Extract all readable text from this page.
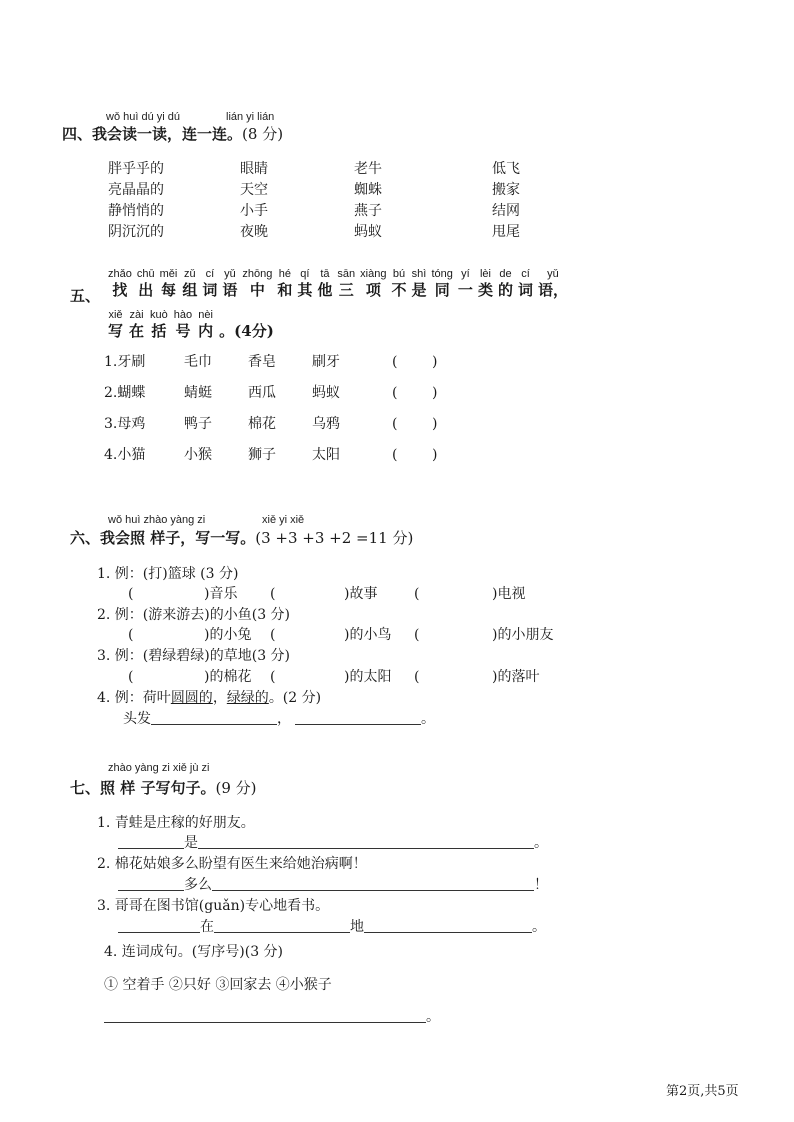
wǒ huì dú yi dú	lián yi lián
四、我会读一读，连一连。(8 分)
胖乎乎的	眼睛	老牛	低飞
亮晶晶的	天空	蜘蛛	搬家
静悄悄的	小手	燕子	结网
阴沉沉的	夜晚	蚂蚁	甩尾
五、
zhǎo
找
chū
出
měi
每
zǔ
组
cí
词
yǔ
语
zhōng
中
hé
和
qí
其
tā
他
sān
三
xiàng
项
bú
不
shì
是
tóng
同
yí
一
lèi
类
de
的
cí
词
yǔ
语，
xiě
写
zài
在
kuò
括
hào
号
nèi
内 。(4分)
1.牙刷	毛巾	香皂	刷牙	( )
2.蝴蝶	蜻蜓	西瓜	蚂蚁	( )
3.母鸡	鸭子	棉花	乌鸦	( )
4.小猫	小猴	狮子	太阳	( )
wǒ huì zhào yàng zi	xiě yi xiě
六、我会照 样子，写一写。(3 +3 +3 +2 =11 分)
1. 例：(打)篮球 (3 分)
(	)音乐 (	)故事	(	)电视
2. 例：(游来游去)的小鱼(3 分)
(	)的小兔 (	)的小鸟 (	)的小朋友
3. 例：(碧绿碧绿)的草地(3 分)
(	)的棉花 (	)的太阳 (	)的落叶
4. 例：荷叶圆圆的，绿绿的。(2 分)
头发	，	。
zhào yàng zi xiě jù zi
七、照 样 子写句子。(9 分)
1. 青蛙是庄稼的好朋友。
是	。
2. 棉花姑娘多么盼望有医生来给她治病啊！
多么	！
3. 哥哥在图书馆(guǎn)专心地看书。
在	地	。
4. 连词成句。(写序号)(3 分)
① 空着手 ②只好 ③回家去 ④小猴子
。
第2页,共5页
